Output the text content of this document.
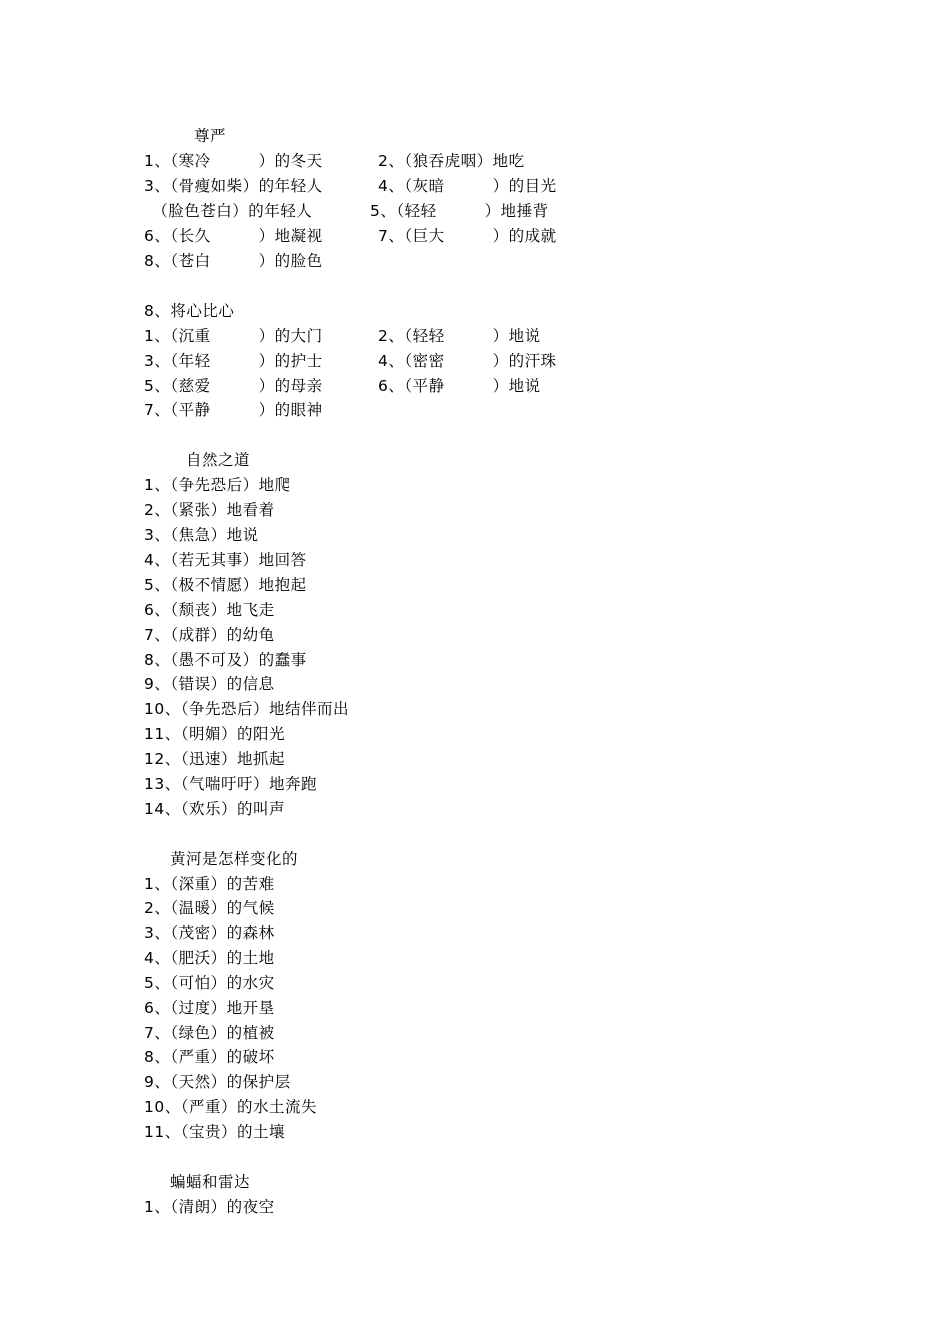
尊严
1、（寒冷　　　）的冬天	2、（狼吞虎咽）地吃
3、（骨瘦如柴）的年轻人	4、（灰暗　　　）的目光
　（脸色苍白）的年轻人	5、（轻轻　　　）地捶背
6、（长久　　　）地凝视	7、（巨大　　　）的成就
8、（苍白　　　）的脸色
8、将心比心
1、（沉重　　　）的大门	2、（轻轻　　　）地说
3、（年轻　　　）的护士	4、（密密　　　）的汗珠
5、（慈爱　　　）的母亲	6、（平静　　　）地说
7、（平静　　　）的眼神
自然之道
1、（争先恐后）地爬
2、（紧张）地看着
3、（焦急）地说
4、（若无其事）地回答
5、（极不情愿）地抱起
6、（颓丧）地飞走
7、（成群）的幼龟
8、（愚不可及）的蠢事
9、（错误）的信息
10、（争先恐后）地结伴而出
11、（明媚）的阳光
12、（迅速）地抓起
13、（气喘吁吁）地奔跑
14、（欢乐）的叫声
黄河是怎样变化的
1、（深重）的苦难
2、（温暖）的气候
3、（茂密）的森林
4、（肥沃）的土地
5、（可怕）的水灾
6、（过度）地开垦
7、（绿色）的植被
8、（严重）的破坏
9、（天然）的保护层
10、（严重）的水土流失
11、（宝贵）的土壤
蝙蝠和雷达
1、（清朗）的夜空
